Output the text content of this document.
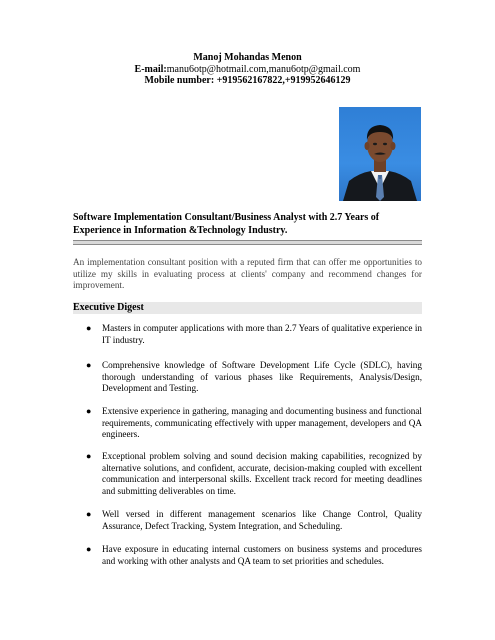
Manoj Mohandas Menon
E-mail:manu6otp@hotmail.com,manu6otp@gmail.com
Mobile number: +919562167822,+919952646129
Software Implementation Consultant/Business Analyst with 2.7 Years of Experience in Information &Technology Industry.
An implementation consultant position with a reputed firm that can offer me opportunities to utilize my skills in evaluating process at clients' company and recommend changes for improvement.
Executive Digest
● Masters in computer applications with more than 2.7 Years of qualitative experience in IT industry.
● Comprehensive knowledge of Software Development Life Cycle (SDLC), having thorough understanding of various phases like Requirements, Analysis/Design, Development and Testing.
● Extensive experience in gathering, managing and documenting business and functional requirements, communicating effectively with upper management, developers and QA engineers.
● Exceptional problem solving and sound decision making capabilities, recognized by alternative solutions, and confident, accurate, decision-making coupled with excellent communication and interpersonal skills. Excellent track record for meeting deadlines and submitting deliverables on time.
● Well versed in different management scenarios like Change Control, Quality Assurance, Defect Tracking, System Integration, and Scheduling.
● Have exposure in educating internal customers on business systems and procedures and working with other analysts and QA team to set priorities and schedules.
